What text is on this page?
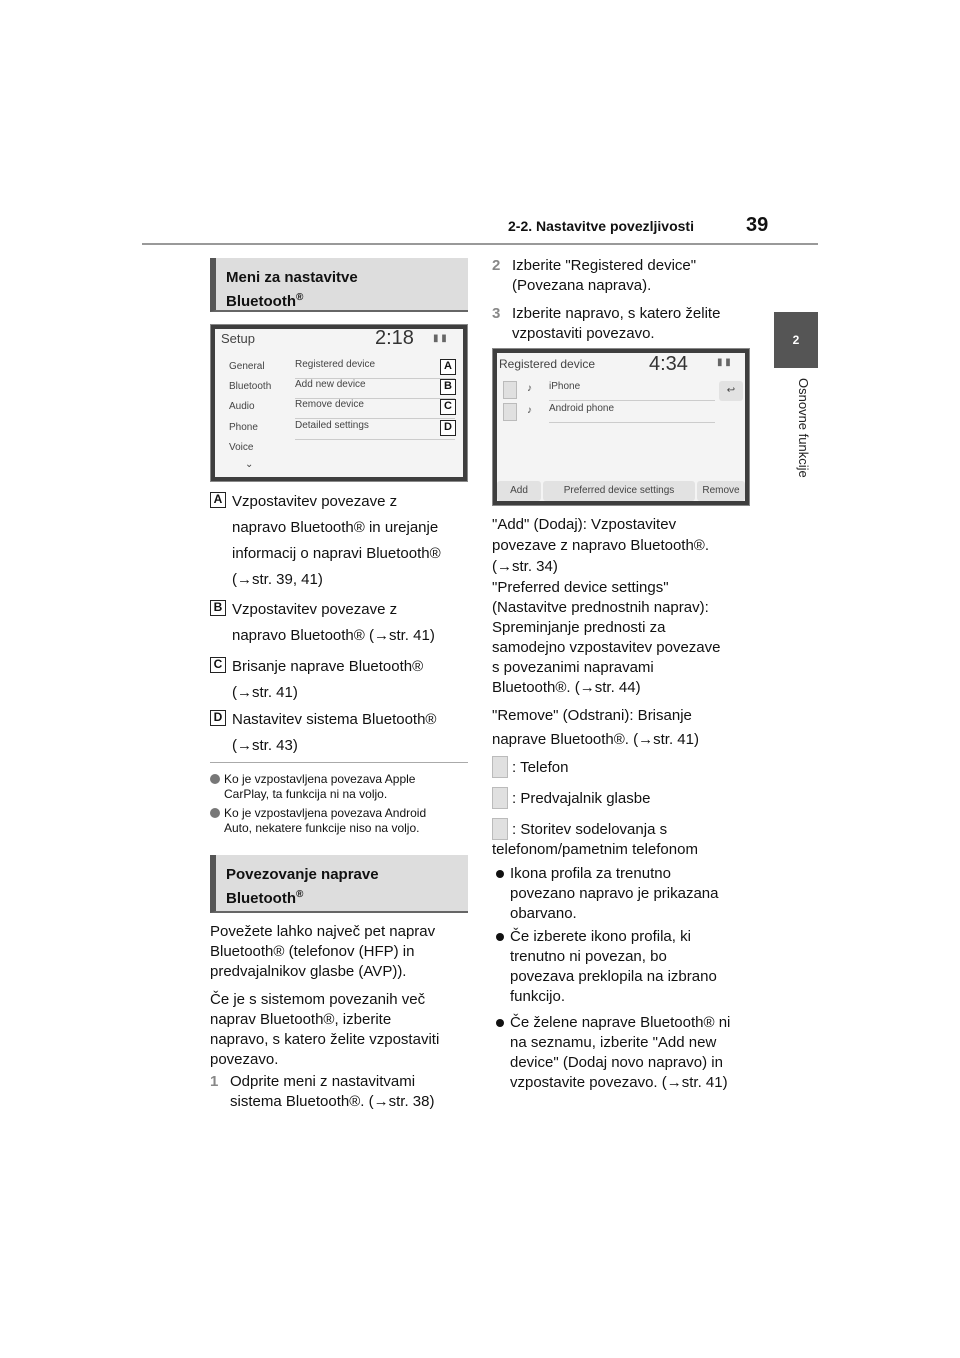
2-2. Nastavitve povezljivosti	39
2
Osnovne funkcije
Meni za nastavitve
Bluetooth®
Setup	2:18 ▮ ▮
General
Bluetooth
Audio
Phone
Voice
⌄
Registered device
Add new device
Remove device
Detailed settings
A
B
C
D
A Vzpostavitev povezave z
napravo Bluetooth® in urejanje
informacij o napravi Bluetooth®
(→str. 39, 41)
B Vzpostavitev povezave z
napravo Bluetooth® (→str. 41)
C Brisanje naprave Bluetooth®
(→str. 41)
D Nastavitev sistema Bluetooth®
(→str. 43)
Ko je vzpostavljena povezava Apple
CarPlay, ta funkcija ni na voljo.
Ko je vzpostavljena povezava Android
Auto, nekatere funkcije niso na voljo.
Povezovanje naprave
Bluetooth®
Povežete lahko največ pet naprav
Bluetooth® (telefonov (HFP) in
predvajalnikov glasbe (AVP)).
Če je s sistemom povezanih več
naprav Bluetooth®, izberite
napravo, s katero želite vzpostaviti
povezavo.
1 Odprite meni z nastavitvami
sistema Bluetooth®. (→str. 38)
2 Izberite "Registered device"
(Povezana naprava).
3 Izberite napravo, s katero želite
vzpostaviti povezavo.
Registered device	4:34	▮ ▮
♪ iPhone	↩
♪ Android phone
Add	Preferred device settings	Remove
"Add" (Dodaj): Vzpostavitev
povezave z napravo Bluetooth®.
(→str. 34)
"Preferred device settings"
(Nastavitve prednostnih naprav):
Spreminjanje prednosti za
samodejno vzpostavitev povezave
s povezanimi napravami
Bluetooth®. (→str. 44)
"Remove" (Odstrani): Brisanje
naprave Bluetooth®. (→str. 41)
: Telefon
: Predvajalnik glasbe
: Storitev sodelovanja s
telefonom/pametnim telefonom
Ikona profila za trenutno
povezano napravo je prikazana
obarvano.
Če izberete ikono profila, ki
trenutno ni povezan, bo
povezava preklopila na izbrano
funkcijo.
Če želene naprave Bluetooth® ni
na seznamu, izberite "Add new
device" (Dodaj novo napravo) in
vzpostavite povezavo. (→str. 41)
